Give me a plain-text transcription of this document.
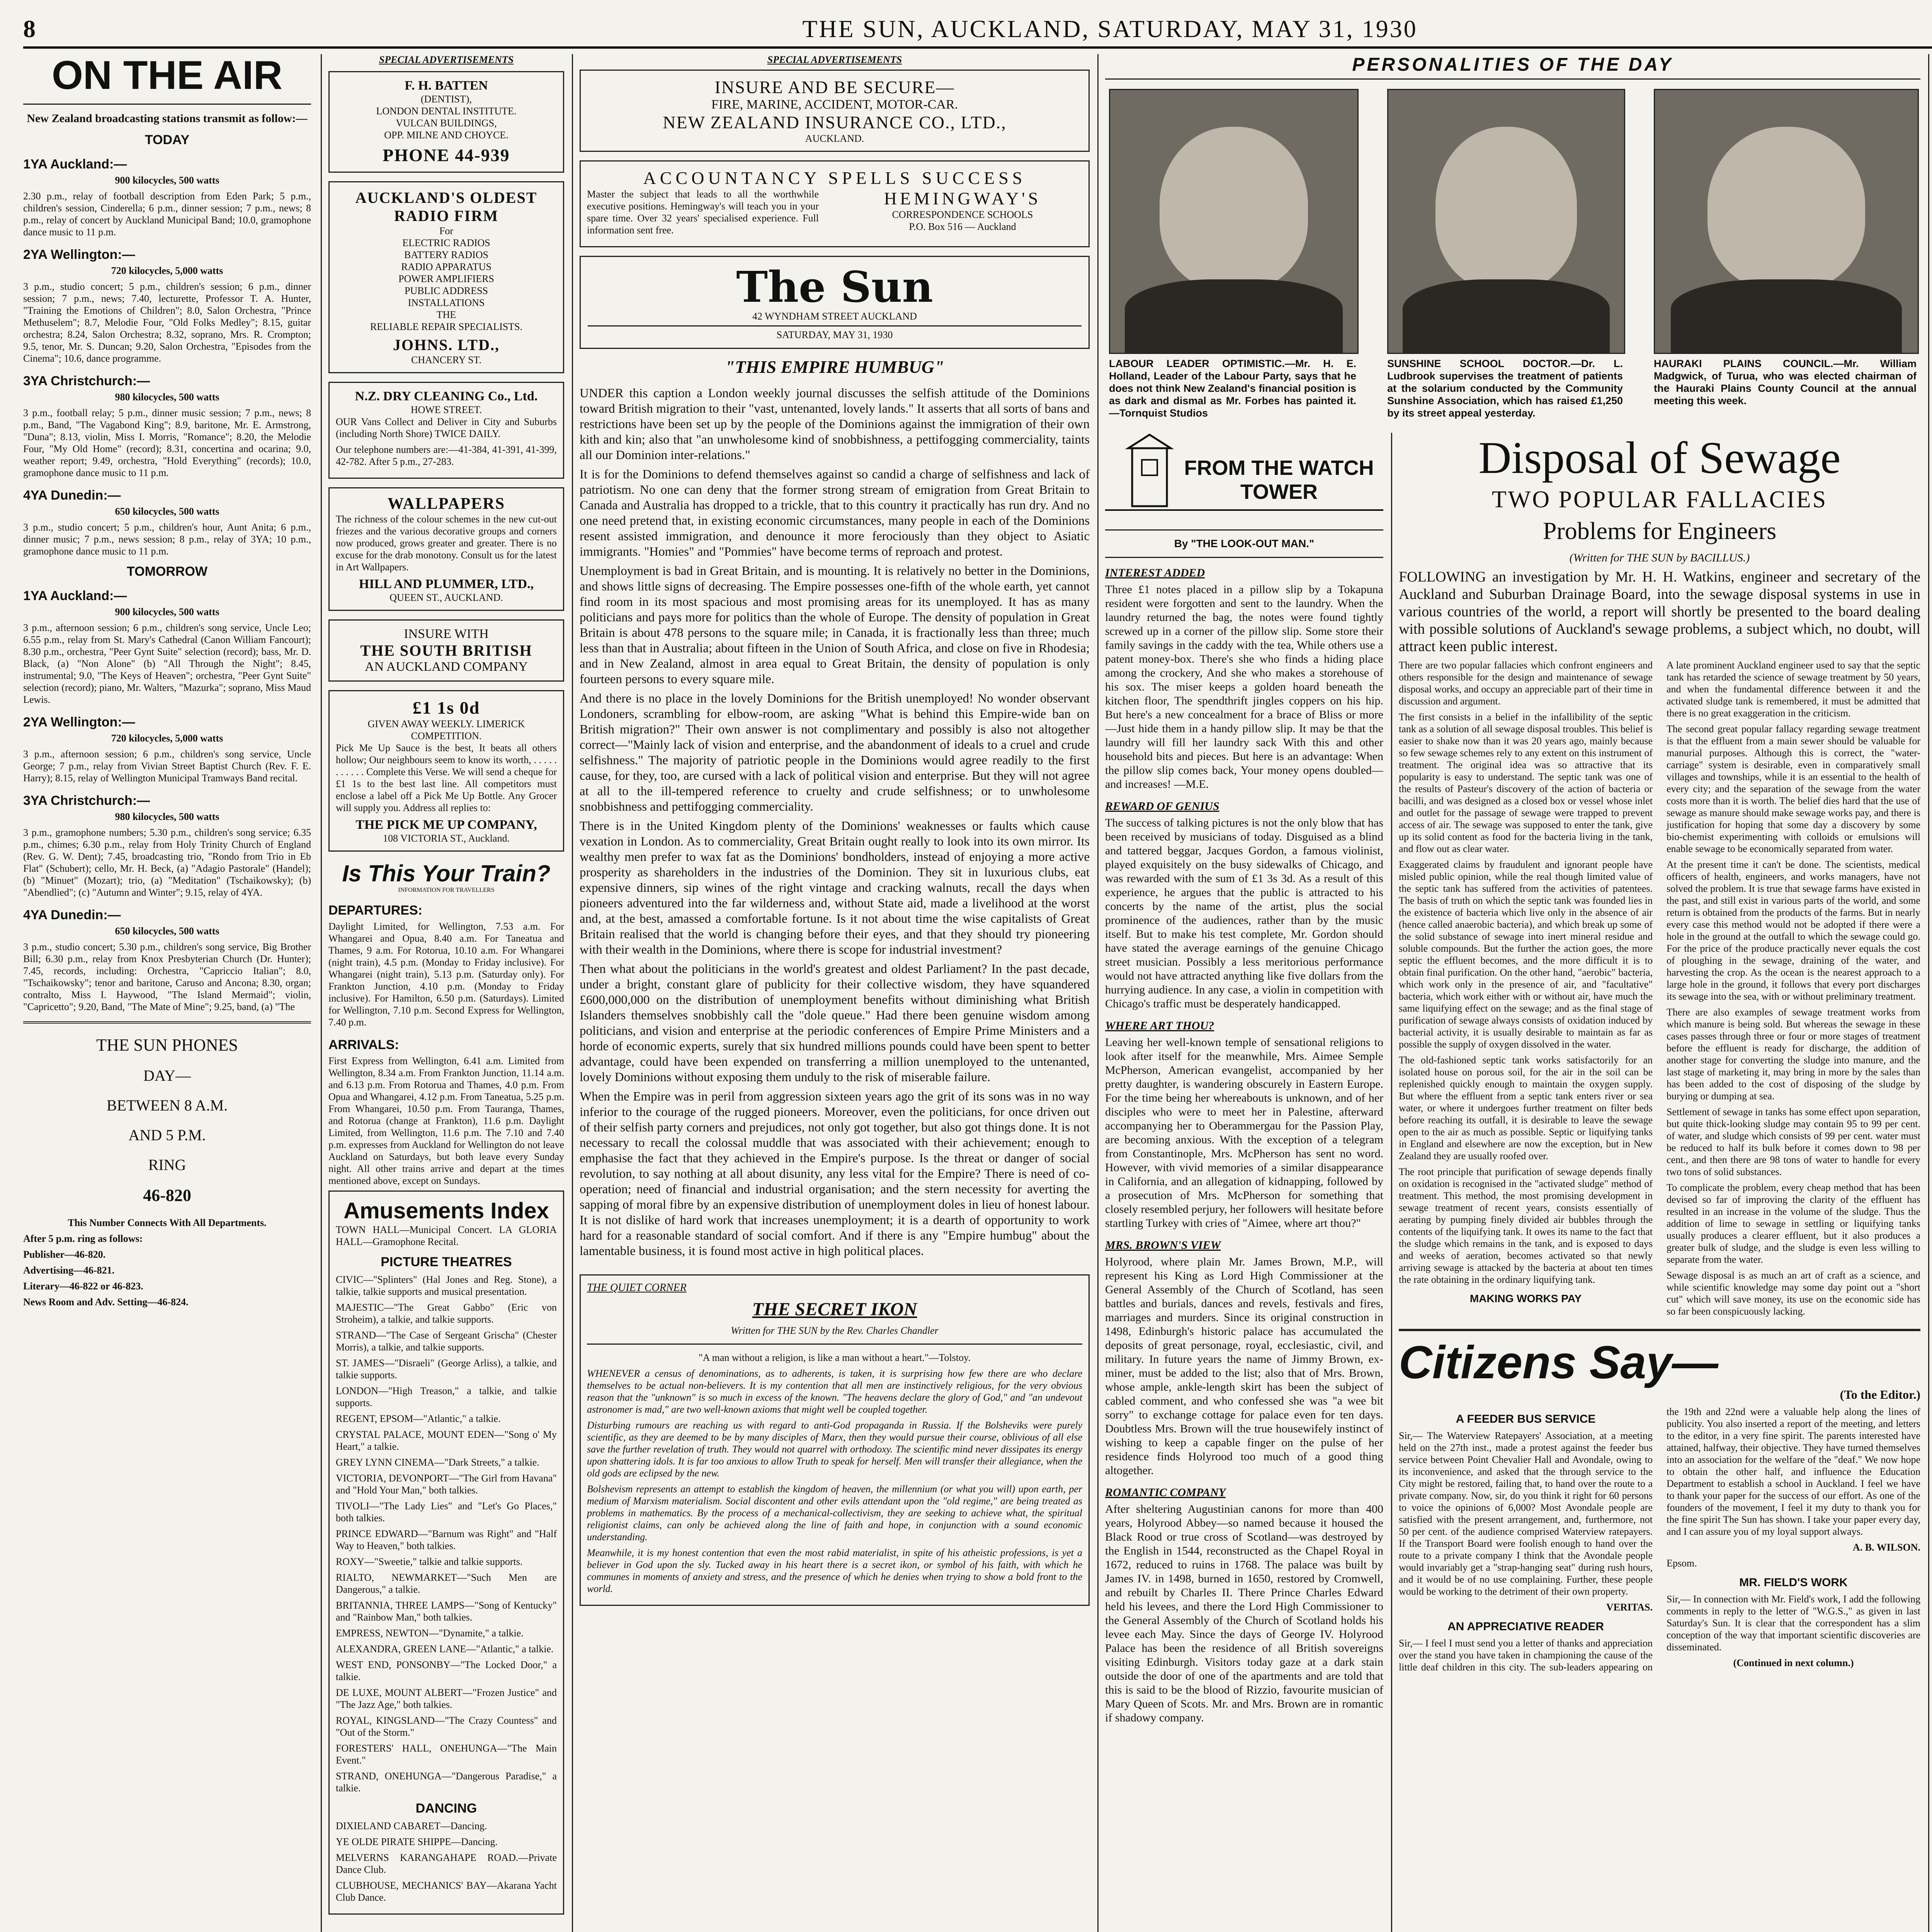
8	THE SUN, AUCKLAND, SATURDAY, MAY 31, 1930
ON THE AIR

New Zealand broadcasting stations transmit as follow:—

TODAY
1YA Auckland:—

900 kilocycles, 500 watts

2.30 p.m., relay of football description from Eden Park; 5 p.m., children's session, Cinderella; 6 p.m., dinner session; 7 p.m., news; 8 p.m., relay of concert by Auckland Municipal Band; 10.0, gramophone dance music to 11 p.m.

2YA Wellington:—

720 kilocycles, 5,000 watts

3 p.m., studio concert; 5 p.m., children's session; 6 p.m., dinner session; 7 p.m., news; 7.40, lecturette, Professor T. A. Hunter, "Training the Emotions of Children"; 8.0, Salon Orchestra, "Prince Methuselem"; 8.7, Melodie Four, "Old Folks Medley"; 8.15, guitar orchestra; 8.24, Salon Orchestra; 8.32, soprano, Mrs. R. Crompton; 9.5, tenor, Mr. S. Duncan; 9.20, Salon Orchestra, "Episodes from the Cinema"; 10.6, dance programme.

3YA Christchurch:—

980 kilocycles, 500 watts

3 p.m., football relay; 5 p.m., dinner music session; 7 p.m., news; 8 p.m., Band, "The Vagabond King"; 8.9, baritone, Mr. E. Armstrong, "Duna"; 8.13, violin, Miss I. Morris, "Romance"; 8.20, the Melodie Four, "My Old Home" (record); 8.31, concertina and ocarina; 9.0, weather report; 9.49, orchestra, "Hold Everything" (records); 10.0, gramophone dance music to 11 p.m.

4YA Dunedin:—

650 kilocycles, 500 watts

3 p.m., studio concert; 5 p.m., children's hour, Aunt Anita; 6 p.m., dinner music; 7 p.m., news session; 8 p.m., relay of 3YA; 10 p.m., gramophone dance music to 11 p.m.

TOMORROW
1YA Auckland:—

900 kilocycles, 500 watts

3 p.m., afternoon session; 6 p.m., children's song service, Uncle Leo; 6.55 p.m., relay from St. Mary's Cathedral (Canon William Fancourt); 8.30 p.m., orchestra, "Peer Gynt Suite" selection (record); bass, Mr. D. Black, (a) "Non Alone" (b) "All Through the Night"; 8.45, instrumental; 9.0, "The Keys of Heaven"; orchestra, "Peer Gynt Suite" selection (record); piano, Mr. Walters, "Mazurka"; soprano, Miss Maud Lewis.

2YA Wellington:—

720 kilocycles, 5,000 watts

3 p.m., afternoon session; 6 p.m., children's song service, Uncle George; 7 p.m., relay from Vivian Street Baptist Church (Rev. F. E. Harry); 8.15, relay of Wellington Municipal Tramways Band recital.

3YA Christchurch:—

980 kilocycles, 500 watts

3 p.m., gramophone numbers; 5.30 p.m., children's song service; 6.35 p.m., chimes; 6.30 p.m., relay from Holy Trinity Church of England (Rev. G. W. Dent); 7.45, broadcasting trio, "Rondo from Trio in Eb Flat" (Schubert); cello, Mr. H. Beck, (a) "Adagio Pastorale" (Handel); (b) "Minuet" (Mozart); trio, (a) "Meditation" (Tschaikowsky); (b) "Abendlied"; (c) "Autumn and Winter"; 9.15, relay of 4YA.

4YA Dunedin:—

650 kilocycles, 500 watts

3 p.m., studio concert; 5.30 p.m., children's song service, Big Brother Bill; 6.30 p.m., relay from Knox Presbyterian Church (Dr. Hunter); 7.45, records, including: Orchestra, "Capriccio Italian"; 8.0, "Tschaikowsky"; tenor and baritone, Caruso and Ancona; 8.30, organ; contralto, Miss I. Haywood, "The Island Mermaid"; violin, "Capricetto"; 9.20, Band, "The Mate of Mine"; 9.25, band, (a) "The

THE SUN PHONES
DAY—
BETWEEN 8 A.M.
AND 5 P.M.
RING
46-820

This Number Connects With All Departments.

After 5 p.m. ring as follows:

Publisher—46-820.

Advertising—46-821.

Literary—46-822 or 46-823.

News Room and Adv. Setting—46-824.

SPECIAL ADVERTISEMENTS
F. H. BATTEN
(DENTIST),
LONDON DENTAL INSTITUTE.
VULCAN BUILDINGS,
OPP. MILNE AND CHOYCE.
PHONE 44-939
AUCKLAND'S OLDEST RADIO FIRM
For
ELECTRIC RADIOS
BATTERY RADIOS
RADIO APPARATUS
POWER AMPLIFIERS
PUBLIC ADDRESS
INSTALLATIONS
THE
RELIABLE REPAIR SPECIALISTS.
JOHNS. LTD.,
CHANCERY ST.
N.Z. DRY CLEANING Co., Ltd.
HOWE STREET.

OUR Vans Collect and Deliver in City and Suburbs (including North Shore) TWICE DAILY.

Our telephone numbers are:—41-384, 41-391, 41-399, 42-782. After 5 p.m., 27-283.

WALLPAPERS

The richness of the colour schemes in the new cut-out friezes and the various decorative groups and corners now produced, grows greater and greater. There is no excuse for the drab monotony. Consult us for the latest in Art Wallpapers.

HILL AND PLUMMER, LTD.,
QUEEN ST., AUCKLAND.
INSURE WITH
THE SOUTH BRITISH
AN AUCKLAND COMPANY
£1 1s 0d
GIVEN AWAY WEEKLY. LIMERICK COMPETITION.

Pick Me Up Sauce is the best, It beats all others hollow; Our neighbours seem to know its worth, . . . . . . . . . . . Complete this Verse. We will send a cheque for £1 1s to the best last line. All competitors must enclose a label off a Pick Me Up Bottle. Any Grocer will supply you. Address all replies to:

THE PICK ME UP COMPANY,
108 VICTORIA ST., Auckland.
Is This Your Train?
INFORMATION FOR TRAVELLERS
DEPARTURES:

Daylight Limited, for Wellington, 7.53 a.m. For Whangarei and Opua, 8.40 a.m. For Taneatua and Thames, 9 a.m. For Rotorua, 10.10 a.m. For Whangarei (night train), 4.5 p.m. (Monday to Friday inclusive). For Whangarei (night train), 5.13 p.m. (Saturday only). For Frankton Junction, 4.10 p.m. (Monday to Friday inclusive). For Hamilton, 6.50 p.m. (Saturdays). Limited for Wellington, 7.10 p.m. Second Express for Wellington, 7.40 p.m.

ARRIVALS:

First Express from Wellington, 6.41 a.m. Limited from Wellington, 8.34 a.m. From Frankton Junction, 11.14 a.m. and 6.13 p.m. From Rotorua and Thames, 4.0 p.m. From Opua and Whangarei, 4.12 p.m. From Taneatua, 5.25 p.m. From Whangarei, 10.50 p.m. From Tauranga, Thames, and Rotorua (change at Frankton), 11.6 p.m. Daylight Limited, from Wellington, 11.6 p.m. The 7.10 and 7.40 p.m. expresses from Auckland for Wellington do not leave Auckland on Saturdays, but both leave every Sunday night. All other trains arrive and depart at the times mentioned above, except on Sundays.

Amusements Index

TOWN HALL—Municipal Concert. LA GLORIA HALL—Gramophone Recital.

PICTURE THEATRES

CIVIC—"Splinters" (Hal Jones and Reg. Stone), a talkie, talkie supports and musical presentation.

MAJESTIC—"The Great Gabbo" (Eric von Stroheim), a talkie, and talkie supports.

STRAND—"The Case of Sergeant Grischa" (Chester Morris), a talkie, and talkie supports.

ST. JAMES—"Disraeli" (George Arliss), a talkie, and talkie supports.

LONDON—"High Treason," a talkie, and talkie supports.

REGENT, EPSOM—"Atlantic," a talkie.

CRYSTAL PALACE, MOUNT EDEN—"Song o' My Heart," a talkie.

GREY LYNN CINEMA—"Dark Streets," a talkie.

VICTORIA, DEVONPORT—"The Girl from Havana" and "Hold Your Man," both talkies.

TIVOLI—"The Lady Lies" and "Let's Go Places," both talkies.

PRINCE EDWARD—"Barnum was Right" and "Half Way to Heaven," both talkies.

ROXY—"Sweetie," talkie and talkie supports.

RIALTO, NEWMARKET—"Such Men are Dangerous," a talkie.

BRITANNIA, THREE LAMPS—"Song of Kentucky" and "Rainbow Man," both talkies.

EMPRESS, NEWTON—"Dynamite," a talkie.

ALEXANDRA, GREEN LANE—"Atlantic," a talkie.

WEST END, PONSONBY—"The Locked Door," a talkie.

DE LUXE, MOUNT ALBERT—"Frozen Justice" and "The Jazz Age," both talkies.

ROYAL, KINGSLAND—"The Crazy Countess" and "Out of the Storm."

FORESTERS' HALL, ONEHUNGA—"The Main Event."

STRAND, ONEHUNGA—"Dangerous Paradise," a talkie.

DANCING

DIXIELAND CABARET—Dancing.

YE OLDE PIRATE SHIPPE—Dancing.

MELVERNS KARANGAHAPE ROAD.—Private Dance Club.

CLUBHOUSE, MECHANICS' BAY—Akarana Yacht Club Dance.

SPECIAL ADVERTISEMENTS
INSURE AND BE SECURE—
FIRE, MARINE, ACCIDENT, MOTOR-CAR.
NEW ZEALAND INSURANCE CO., LTD.,
AUCKLAND.
ACCOUNTANCY SPELLS SUCCESS

Master the subject that leads to all the worthwhile executive positions. Hemingway's will teach you in your spare time. Over 32 years' specialised experience. Full information sent free.

HEMINGWAY'S
CORRESPONDENCE SCHOOLS
P.O. Box 516 — Auckland
The Sun
42 WYNDHAM STREET AUCKLAND
SATURDAY, MAY 31, 1930
"THIS EMPIRE HUMBUG"

UNDER this caption a London weekly journal discusses the selfish attitude of the Dominions toward British migration to their "vast, untenanted, lovely lands." It asserts that all sorts of bans and restrictions have been set up by the people of the Dominions against the immigration of their own kith and kin; also that "an unwholesome kind of snobbishness, a pettifogging commerciality, taints all our Dominion inter-relations."

It is for the Dominions to defend themselves against so candid a charge of selfishness and lack of patriotism. No one can deny that the former strong stream of emigration from Great Britain to Canada and Australia has dropped to a trickle, that to this country it practically has run dry. And no one need pretend that, in existing economic circumstances, many people in each of the Dominions resent assisted immigration, and denounce it more ferociously than they object to Asiatic immigrants. "Homies" and "Pommies" have become terms of reproach and protest.

Unemployment is bad in Great Britain, and is mounting. It is relatively no better in the Dominions, and shows little signs of decreasing. The Empire possesses one-fifth of the whole earth, yet cannot find room in its most spacious and most promising areas for its unemployed. It has as many politicians and pays more for politics than the whole of Europe. The density of population in Great Britain is about 478 persons to the square mile; in Canada, it is fractionally less than three; much less than that in Australia; about fifteen in the Union of South Africa, and close on five in Rhodesia; and in New Zealand, almost in area equal to Great Britain, the density of population is only fourteen persons to every square mile.

And there is no place in the lovely Dominions for the British unemployed! No wonder observant Londoners, scrambling for elbow-room, are asking "What is behind this Empire-wide ban on British migration?" Their own answer is not complimentary and possibly is also not altogether correct—"Mainly lack of vision and enterprise, and the abandonment of ideals to a cruel and crude selfishness." The majority of patriotic people in the Dominions would agree readily to the first cause, for they, too, are cursed with a lack of political vision and enterprise. But they will not agree at all to the ill-tempered reference to cruelty and crude selfishness; or to unwholesome snobbishness and pettifogging commerciality.

There is in the United Kingdom plenty of the Dominions' weaknesses or faults which cause vexation in London. As to commerciality, Great Britain ought really to look into its own mirror. Its wealthy men prefer to wax fat as the Dominions' bondholders, instead of enjoying a more active prosperity as shareholders in the industries of the Dominion. They sit in luxurious clubs, eat expensive dinners, sip wines of the right vintage and cracking walnuts, recall the days when pioneers adventured into the far wilderness and, without State aid, made a livelihood at the worst and, at the best, amassed a comfortable fortune. Is it not about time the wise capitalists of Great Britain realised that the world is changing before their eyes, and that they should try pioneering with their wealth in the Dominions, where there is scope for industrial investment?

Then what about the politicians in the world's greatest and oldest Parliament? In the past decade, under a bright, constant glare of publicity for their collective wisdom, they have squandered £600,000,000 on the distribution of unemployment benefits without diminishing what British Islanders themselves snobbishly call the "dole queue." Had there been genuine wisdom among politicians, and vision and enterprise at the periodic conferences of Empire Prime Ministers and a horde of economic experts, surely that six hundred millions pounds could have been spent to better advantage, could have been expended on transferring a million unemployed to the untenanted, lovely Dominions without exposing them unduly to the risk of miserable failure.

When the Empire was in peril from aggression sixteen years ago the grit of its sons was in no way inferior to the courage of the rugged pioneers. Moreover, even the politicians, for once driven out of their selfish party corners and prejudices, not only got together, but also got things done. It is not necessary to recall the colossal muddle that was associated with their achievement; enough to emphasise the fact that they achieved in the Empire's purpose. Is the threat or danger of social revolution, to say nothing at all about disunity, any less vital for the Empire? There is need of co-operation; need of financial and industrial organisation; and the stern necessity for averting the sapping of moral fibre by an expensive distribution of unemployment doles in lieu of honest labour. It is not dislike of hard work that increases unemployment; it is a dearth of opportunity to work hard for a reasonable standard of social comfort. And if there is any "Empire humbug" about the lamentable business, it is found most active in high political places.

THE QUIET CORNER
THE SECRET IKON
Written for THE SUN by the Rev. Charles Chandler

"A man without a religion, is like a man without a heart."—Tolstoy.

WHENEVER a census of denominations, as to adherents, is taken, it is surprising how few there are who declare themselves to be actual non-believers. It is my contention that all men are instinctively religious, for the very obvious reason that the "unknown" is so much in excess of the known. "The heavens declare the glory of God," and "an undevout astronomer is mad," are two well-known axioms that might well be coupled together.

Disturbing rumours are reaching us with regard to anti-God propaganda in Russia. If the Bolsheviks were purely scientific, as they are deemed to be by many disciples of Marx, then they would pursue their course, oblivious of all else save the further revelation of truth. They would not quarrel with orthodoxy. The scientific mind never dissipates its energy upon shattering idols. It is far too anxious to allow Truth to speak for herself. Men will transfer their allegiance, when the old gods are eclipsed by the new.

Bolshevism represents an attempt to establish the kingdom of heaven, the millennium (or what you will) upon earth, per medium of Marxism materialism. Social discontent and other evils attendant upon the "old regime," are being treated as problems in mathematics. By the process of a mechanical-collectivism, they are seeking to achieve what, the spiritual religionist claims, can only be achieved along the line of faith and hope, in conjunction with a sound economic understanding.

Meanwhile, it is my honest contention that even the most rabid materialist, in spite of his atheistic professions, is yet a believer in God upon the sly. Tucked away in his heart there is a secret ikon, or symbol of his faith, with which he communes in moments of anxiety and stress, and the presence of which he denies when trying to show a bold front to the world.

PERSONALITIES OF THE DAY
LABOUR LEADER OPTIMISTIC.—Mr. H. E. Holland, Leader of the Labour Party, says that he does not think New Zealand's financial position is as dark and dismal as Mr. Forbes has painted it. —Tornquist Studios
SUNSHINE SCHOOL DOCTOR.—Dr. L. Ludbrook supervises the treatment of patients at the solarium conducted by the Community Sunshine Association, which has raised £1,250 by its street appeal yesterday.
HAURAKI PLAINS COUNCIL.—Mr. William Madgwick, of Turua, who was elected chairman of the Hauraki Plains County Council at the annual meeting this week.
FROM THE WATCH TOWER
By "THE LOOK-OUT MAN."
INTEREST ADDED

Three £1 notes placed in a pillow slip by a Tokapuna resident were forgotten and sent to the laundry. When the laundry returned the bag, the notes were found tightly screwed up in a corner of the pillow slip. Some store their family savings in the caddy with the tea, While others use a patent money-box. There's she who finds a hiding place among the crockery, And she who makes a storehouse of his sox. The miser keeps a golden hoard beneath the kitchen floor, The spendthrift jingles coppers on his hip. But here's a new concealment for a brace of Bliss or more—Just hide them in a handy pillow slip. It may be that the laundry will fill her laundry sack With this and other household bits and pieces. But here is an advantage: When the pillow slip comes back, Your money opens doubled—and increases! —M.E.

REWARD OF GENIUS

The success of talking pictures is not the only blow that has been received by musicians of today. Disguised as a blind and tattered beggar, Jacques Gordon, a famous violinist, played exquisitely on the busy sidewalks of Chicago, and was rewarded with the sum of £1 3s 3d. As a result of this experience, he argues that the public is attracted to his concerts by the name of the artist, plus the social prominence of the audiences, rather than by the music itself. But to make his test complete, Mr. Gordon should have stated the average earnings of the genuine Chicago street musician. Possibly a less meritorious performance would not have attracted anything like five dollars from the hurrying audience. In any case, a violin in competition with Chicago's traffic must be desperately handicapped.

WHERE ART THOU?

Leaving her well-known temple of sensational religions to look after itself for the meanwhile, Mrs. Aimee Semple McPherson, American evangelist, accompanied by her pretty daughter, is wandering obscurely in Eastern Europe. For the time being her whereabouts is unknown, and of her disciples who were to meet her in Palestine, afterward accompanying her to Oberammergau for the Passion Play, are becoming anxious. With the exception of a telegram from Constantinople, Mrs. McPherson has sent no word. However, with vivid memories of a similar disappearance in California, and an allegation of kidnapping, followed by a prosecution of Mrs. McPherson for something that closely resembled perjury, her followers will hesitate before startling Turkey with cries of "Aimee, where art thou?"

MRS. BROWN'S VIEW

Holyrood, where plain Mr. James Brown, M.P., will represent his King as Lord High Commissioner at the General Assembly of the Church of Scotland, has seen battles and burials, dances and revels, festivals and fires, marriages and murders. Since its original construction in 1498, Edinburgh's historic palace has accumulated the deposits of great personage, royal, ecclesiastic, civil, and military. In future years the name of Jimmy Brown, ex-miner, must be added to the list; also that of Mrs. Brown, whose ample, ankle-length skirt has been the subject of cabled comment, and who confessed she was "a wee bit sorry" to exchange cottage for palace even for ten days. Doubtless Mrs. Brown will the true housewifely instinct of wishing to keep a capable finger on the pulse of her residence finds Holyrood too much of a good thing altogether.

ROMANTIC COMPANY

After sheltering Augustinian canons for more than 400 years, Holyrood Abbey—so named because it housed the Black Rood or true cross of Scotland—was destroyed by the English in 1544, reconstructed as the Chapel Royal in 1672, reduced to ruins in 1768. The palace was built by James IV. in 1498, burned in 1650, restored by Cromwell, and rebuilt by Charles II. There Prince Charles Edward held his levees, and there the Lord High Commissioner to the General Assembly of the Church of Scotland holds his levee each May. Since the days of George IV. Holyrood Palace has been the residence of all British sovereigns visiting Edinburgh. Visitors today gaze at a dark stain outside the door of one of the apartments and are told that this is said to be the blood of Rizzio, favourite musician of Mary Queen of Scots. Mr. and Mrs. Brown are in romantic if shadowy company.

Disposal of Sewage
TWO POPULAR FALLACIES
Problems for Engineers
(Written for THE SUN by BACILLUS.)

FOLLOWING an investigation by Mr. H. H. Watkins, engineer and secretary of the Auckland and Suburban Drainage Board, into the sewage disposal systems in use in various countries of the world, a report will shortly be presented to the board dealing with possible solutions of Auckland's sewage problems, a subject which, no doubt, will attract keen public interest.

There are two popular fallacies which confront engineers and others responsible for the design and maintenance of sewage disposal works, and occupy an appreciable part of their time in discussion and argument.

The first consists in a belief in the infallibility of the septic tank as a solution of all sewage disposal troubles. This belief is easier to shake now than it was 20 years ago, mainly because so few sewage schemes rely to any extent on this instrument of treatment. The original idea was so attractive that its popularity is easy to understand. The septic tank was one of the results of Pasteur's discovery of the action of bacteria or bacilli, and was designed as a closed box or vessel whose inlet and outlet for the passage of sewage were trapped to prevent access of air. The sewage was supposed to enter the tank, give up its solid content as food for the bacteria living in the tank, and flow out as clear water.

Exaggerated claims by fraudulent and ignorant people have misled public opinion, while the real though limited value of the septic tank has suffered from the activities of patentees. The basis of truth on which the septic tank was founded lies in the existence of bacteria which live only in the absence of air (hence called anaerobic bacteria), and which break up some of the solid substance of sewage into inert mineral residue and soluble compounds. But the further the action goes, the more septic the effluent becomes, and the more difficult it is to obtain final purification. On the other hand, "aerobic" bacteria, which work only in the presence of air, and "facultative" bacteria, which work either with or without air, have much the same liquifying effect on the sewage; and as the final stage of purification of sewage always consists of oxidation induced by bacterial activity, it is usually desirable to maintain as far as possible the supply of oxygen dissolved in the water.

The old-fashioned septic tank works satisfactorily for an isolated house on porous soil, for the air in the soil can be replenished quickly enough to maintain the oxygen supply. But where the effluent from a septic tank enters river or sea water, or where it undergoes further treatment on filter beds before reaching its outfall, it is desirable to leave the sewage open to the air as much as possible. Septic or liquifying tanks in England and elsewhere are now the exception, but in New Zealand they are usually roofed over.

The root principle that purification of sewage depends finally on oxidation is recognised in the "activated sludge" method of treatment. This method, the most promising development in sewage treatment of recent years, consists essentially of aerating by pumping finely divided air bubbles through the contents of the liquifying tank. It owes its name to the fact that the sludge which remains in the tank, and is exposed to days and weeks of aeration, becomes activated so that newly arriving sewage is attacked by the bacteria at about ten times the rate obtaining in the ordinary liquifying tank.

MAKING WORKS PAY

A late prominent Auckland engineer used to say that the septic tank has retarded the science of sewage treatment by 50 years, and when the fundamental difference between it and the activated sludge tank is remembered, it must be admitted that there is no great exaggeration in the criticism.

The second great popular fallacy regarding sewage treatment is that the effluent from a main sewer should be valuable for manurial purposes. Although this is correct, the "water-carriage" system is desirable, even in comparatively small villages and townships, while it is an essential to the health of every city; and the separation of the sewage from the water costs more than it is worth. The belief dies hard that the use of sewage as manure should make sewage works pay, and there is justification for hoping that some day a discovery by some bio-chemist experimenting with colloids or emulsions will enable sewage to be economically separated from water.

At the present time it can't be done. The scientists, medical officers of health, engineers, and works managers, have not solved the problem. It is true that sewage farms have existed in the past, and still exist in various parts of the world, and some return is obtained from the products of the farms. But in nearly every case this method would not be adopted if there were a hole in the ground at the outfall to which the sewage could go. For the price of the produce practically never equals the cost of ploughing in the sewage, draining of the water, and harvesting the crop. As the ocean is the nearest approach to a large hole in the ground, it follows that every port discharges its sewage into the sea, with or without preliminary treatment.

There are also examples of sewage treatment works from which manure is being sold. But whereas the sewage in these cases passes through three or four or more stages of treatment before the effluent is ready for discharge, the addition of another stage for converting the sludge into manure, and the last stage of marketing it, may bring in more by the sales than has been added to the cost of disposing of the sludge by burying or dumping at sea.

Settlement of sewage in tanks has some effect upon separation, but quite thick-looking sludge may contain 95 to 99 per cent. of water, and sludge which consists of 99 per cent. water must be reduced to half its bulk before it comes down to 98 per cent., and then there are 98 tons of water to handle for every two tons of solid substances.

To complicate the problem, every cheap method that has been devised so far of improving the clarity of the effluent has resulted in an increase in the volume of the sludge. Thus the addition of lime to sewage in settling or liquifying tanks usually produces a clearer effluent, but it also produces a greater bulk of sludge, and the sludge is even less willing to separate from the water.

Sewage disposal is as much an art of craft as a science, and while scientific knowledge may some day point out a "short cut" which will save money, its use on the economic side has so far been conspicuously lacking.

Citizens Say—
(To the Editor.)
A FEEDER BUS SERVICE

Sir,— The Waterview Ratepayers' Association, at a meeting held on the 27th inst., made a protest against the feeder bus service between Point Chevalier Hall and Avondale, owing to its inconvenience, and asked that the through service to the City might be restored, failing that, to hand over the route to a private company. Now, sir, do you think it right for 60 persons to voice the opinions of 6,000? Most Avondale people are satisfied with the present arrangement, and, furthermore, not 50 per cent. of the audience comprised Waterview ratepayers. If the Transport Board were foolish enough to hand over the route to a private company I think that the Avondale people would invariably get a "strap-hanging seat" during rush hours, and it would be of no use complaining. Further, these people would be working to the detriment of their own property.

VERITAS.

AN APPRECIATIVE READER

Sir,— I feel I must send you a letter of thanks and appreciation over the stand you have taken in championing the cause of the little deaf children in this city. The sub-leaders appearing on the 19th and 22nd were a valuable help along the lines of publicity. You also inserted a report of the meeting, and letters to the editor, in a very fine spirit. The parents interested have attained, halfway, their objective. They have turned themselves into an association for the welfare of the "deaf." We now hope to obtain the other half, and influence the Education Department to establish a school in Auckland. I feel we have to thank your paper for the success of our effort. As one of the founders of the movement, I feel it my duty to thank you for the fine spirit The Sun has shown. I take your paper every day, and I can assure you of my loyal support always.

A. B. WILSON.

Epsom.

MR. FIELD'S WORK

Sir,— In connection with Mr. Field's work, I add the following comments in reply to the letter of "W.G.S.," as given in last Saturday's Sun. It is clear that the correspondent has a slim conception of the way that important scientific discoveries are disseminated.

(Continued in next column.)
